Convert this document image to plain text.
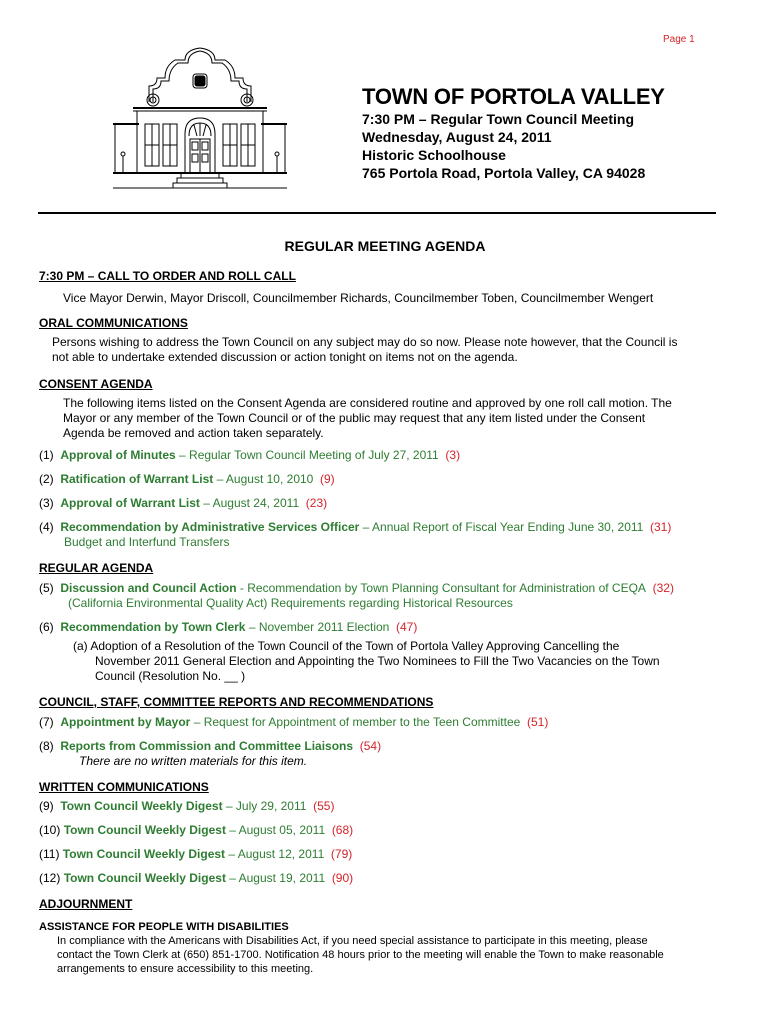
Page 1
TOWN OF PORTOLA VALLEY
7:30 PM – Regular Town Council Meeting
Wednesday, August 24, 2011
Historic Schoolhouse
765 Portola Road, Portola Valley, CA 94028
REGULAR MEETING AGENDA
7:30 PM – CALL TO ORDER AND ROLL CALL
Vice Mayor Derwin, Mayor Driscoll, Councilmember Richards, Councilmember Toben, Councilmember Wengert
ORAL COMMUNICATIONS
Persons wishing to address the Town Council on any subject may do so now. Please note however, that the Council is
not able to undertake extended discussion or action tonight on items not on the agenda.
CONSENT AGENDA
The following items listed on the Consent Agenda are considered routine and approved by one roll call motion. The
Mayor or any member of the Town Council or of the public may request that any item listed under the Consent
Agenda be removed and action taken separately.
(1) Approval of Minutes – Regular Town Council Meeting of July 27, 2011 (3)
(2) Ratification of Warrant List – August 10, 2010 (9)
(3) Approval of Warrant List – August 24, 2011 (23)
(4) Recommendation by Administrative Services Officer – Annual Report of Fiscal Year Ending June 30, 2011 (31)
Budget and Interfund Transfers
REGULAR AGENDA
(5) Discussion and Council Action - Recommendation by Town Planning Consultant for Administration of CEQA (32)
(California Environmental Quality Act) Requirements regarding Historical Resources
(6) Recommendation by Town Clerk – November 2011 Election (47)
(a) Adoption of a Resolution of the Town Council of the Town of Portola Valley Approving Cancelling the
November 2011 General Election and Appointing the Two Nominees to Fill the Two Vacancies on the Town
Council (Resolution No. __ )
COUNCIL, STAFF, COMMITTEE REPORTS AND RECOMMENDATIONS
(7) Appointment by Mayor – Request for Appointment of member to the Teen Committee (51)
(8) Reports from Commission and Committee Liaisons (54)
There are no written materials for this item.
WRITTEN COMMUNICATIONS
(9) Town Council Weekly Digest – July 29, 2011 (55)
(10) Town Council Weekly Digest – August 05, 2011 (68)
(11) Town Council Weekly Digest – August 12, 2011 (79)
(12) Town Council Weekly Digest – August 19, 2011 (90)
ADJOURNMENT
ASSISTANCE FOR PEOPLE WITH DISABILITIES
In compliance with the Americans with Disabilities Act, if you need special assistance to participate in this meeting, please
contact the Town Clerk at (650) 851-1700. Notification 48 hours prior to the meeting will enable the Town to make reasonable
arrangements to ensure accessibility to this meeting.
